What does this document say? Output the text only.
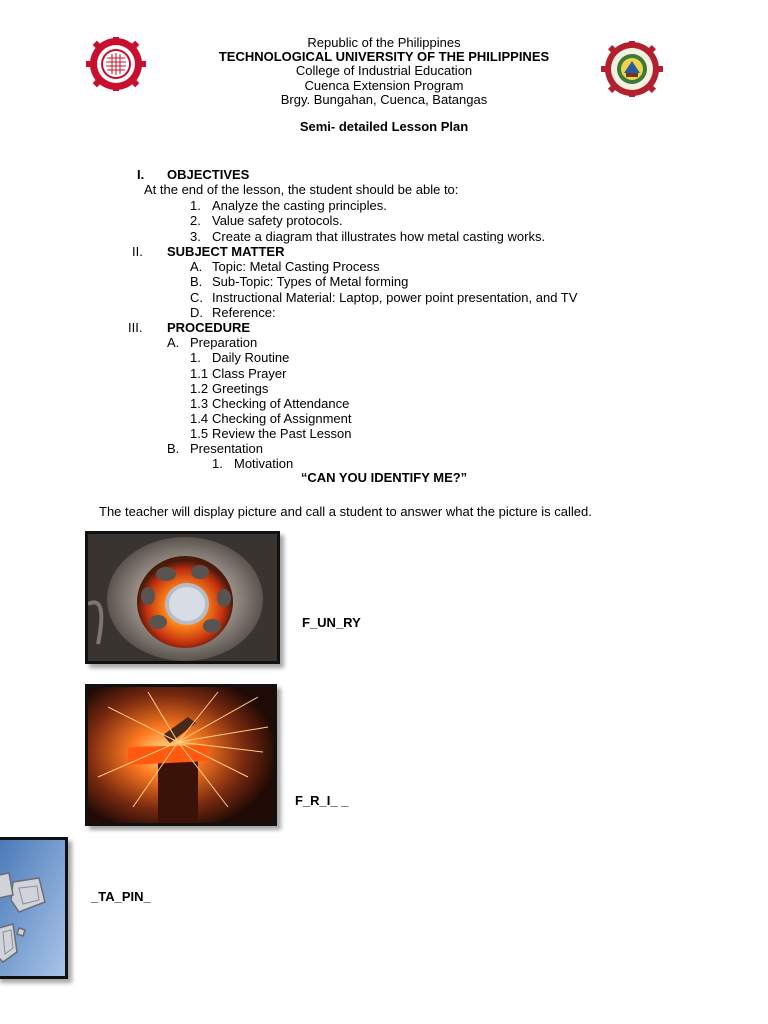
Republic of the Philippines
TECHNOLOGICAL UNIVERSITY OF THE PHILIPPINES
College of Industrial Education
Cuenca Extension Program
Brgy. Bungahan, Cuenca, Batangas
Semi- detailed Lesson Plan
I. OBJECTIVES
At the end of the lesson, the student should be able to:
1. Analyze the casting principles.
2. Value safety protocols.
3. Create a diagram that illustrates how metal casting works.
II. SUBJECT MATTER
A. Topic: Metal Casting Process
B. Sub-Topic: Types of Metal forming
C. Instructional Material: Laptop, power point presentation, and TV
D. Reference:
III. PROCEDURE
A. Preparation
1. Daily Routine
1.1 Class Prayer
1.2 Greetings
1.3 Checking of Attendance
1.4 Checking of Assignment
1.5 Review the Past Lesson
B. Presentation
1. Motivation
“CAN YOU IDENTIFY ME?”
The teacher will display picture and call a student to answer what the picture is called.
F_UN_RY
F_R_I_ _
_TA_PIN_
